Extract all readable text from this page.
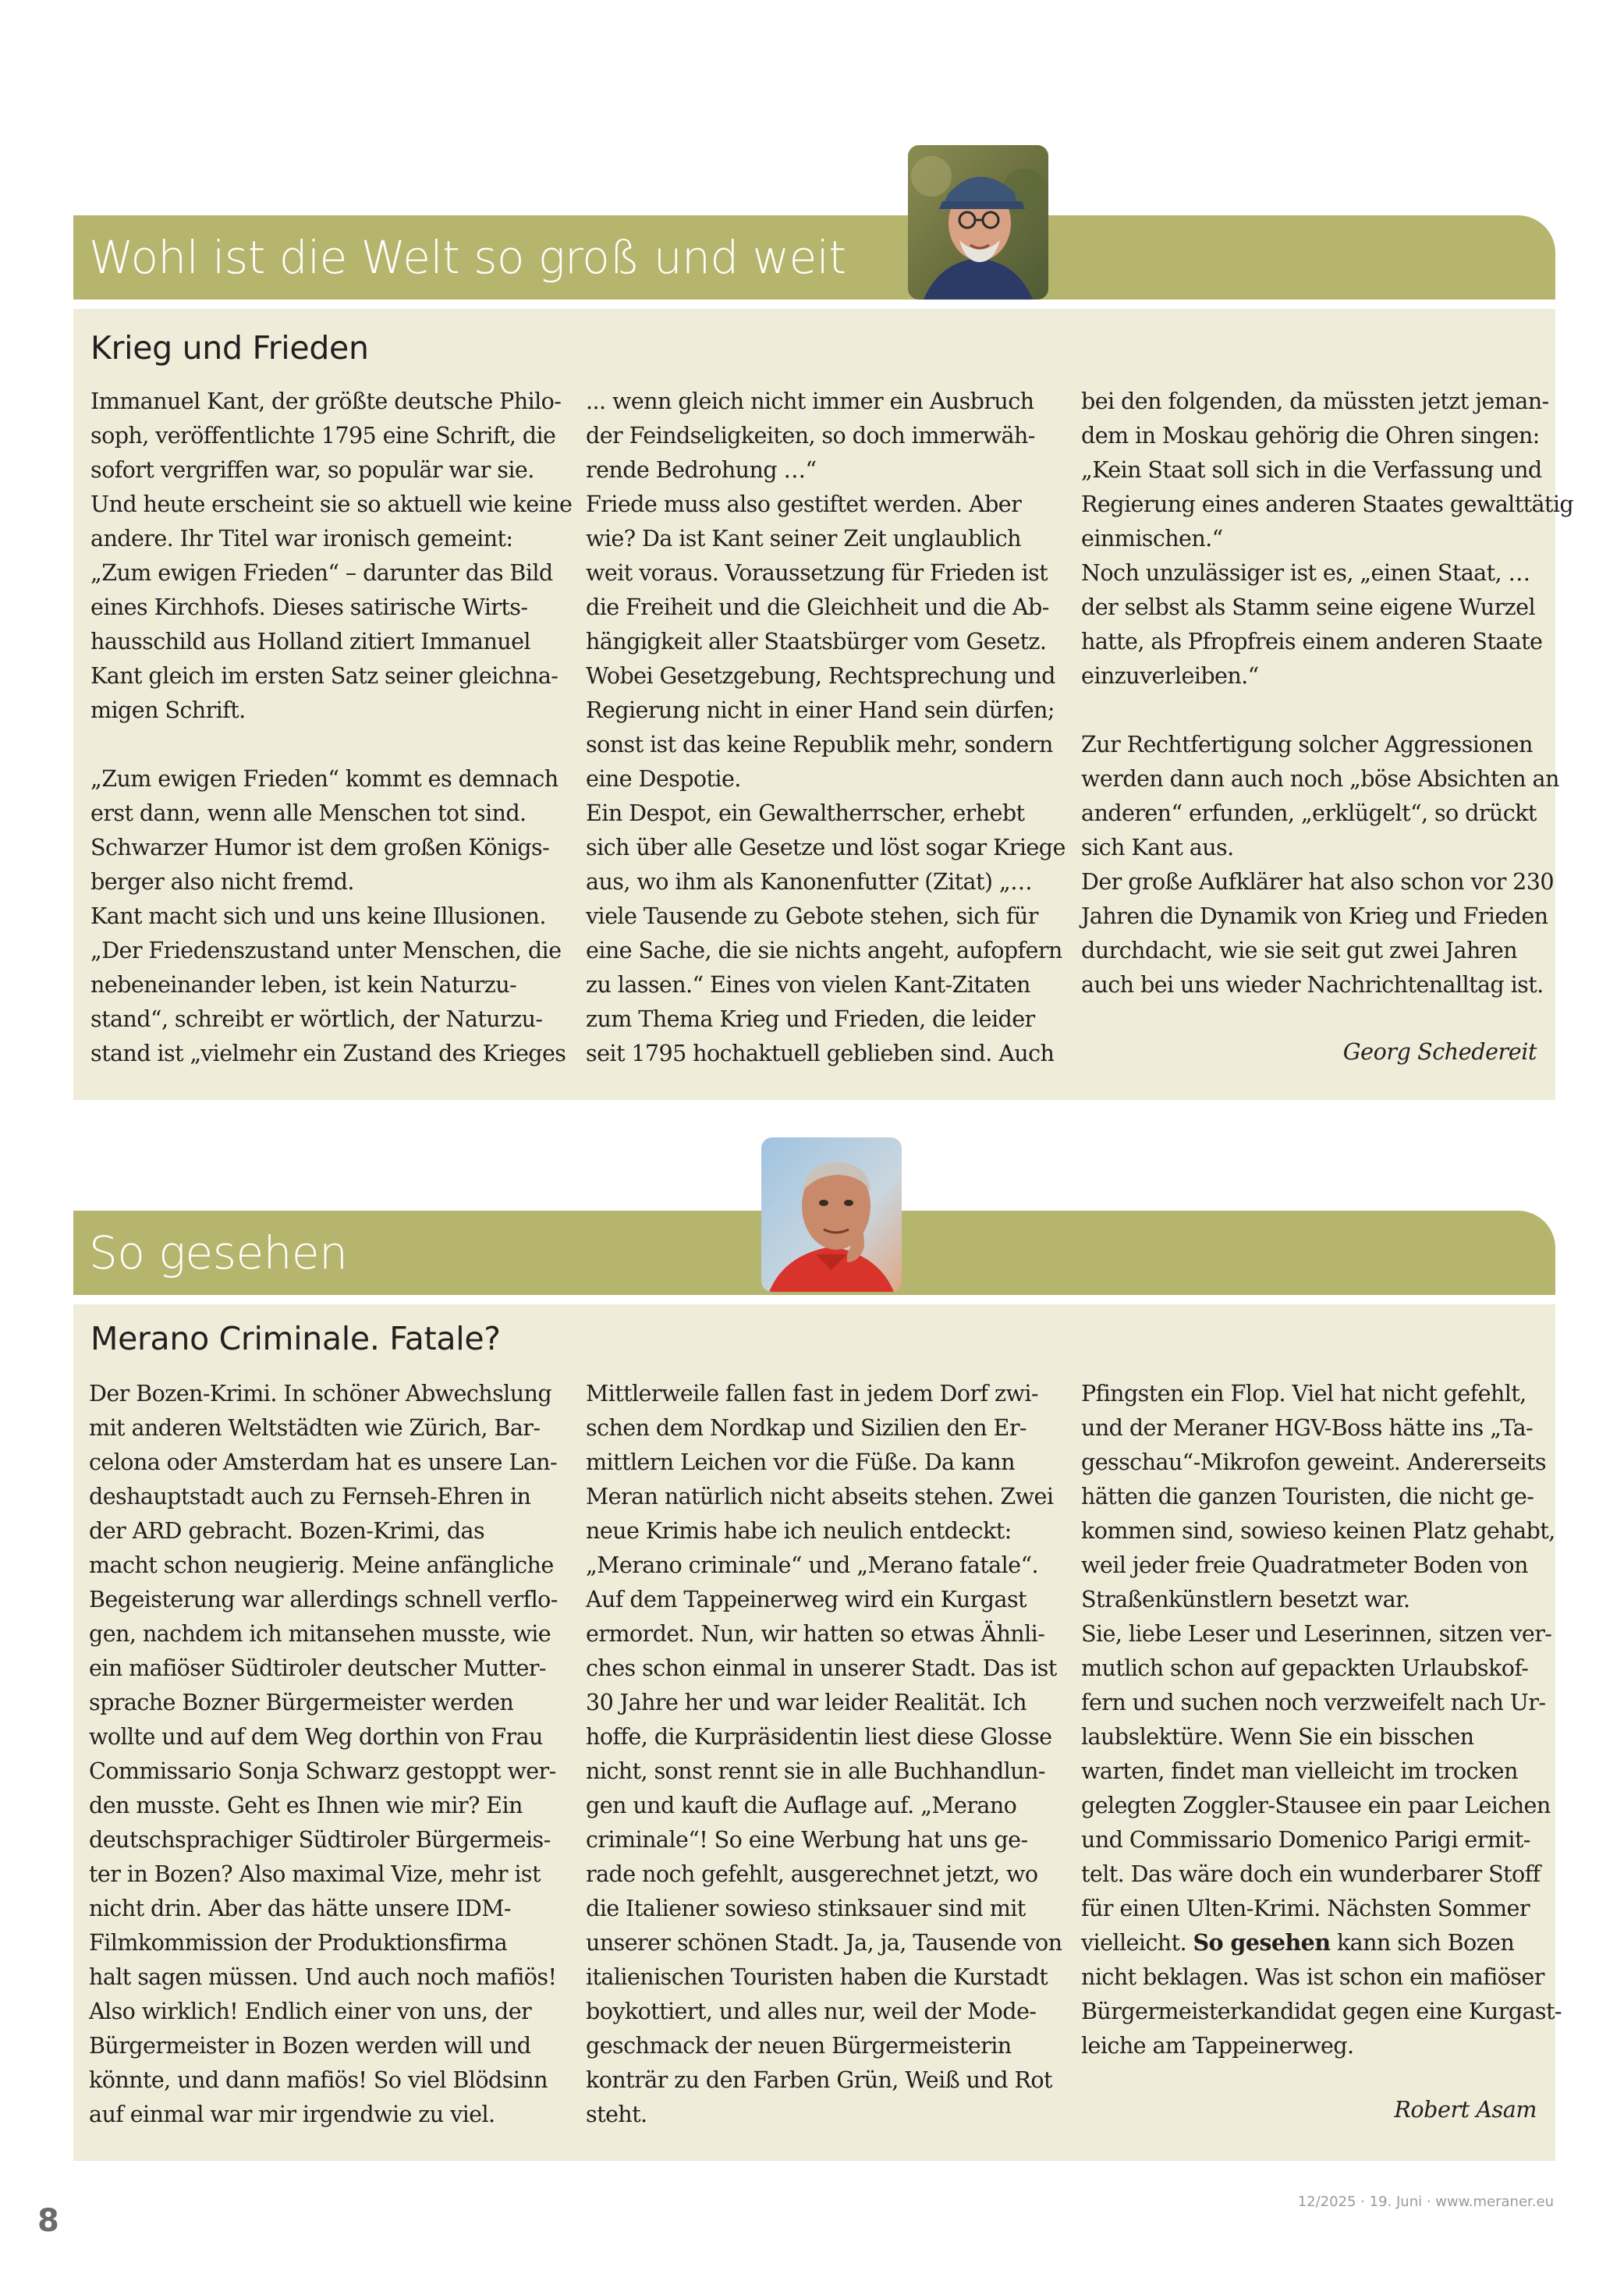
Wohl ist die Welt so groß und weit
Krieg und Frieden

Immanuel Kant, der größte deutsche Philo-

soph, veröffentlichte 1795 eine Schrift, die

sofort vergriffen war, so populär war sie.

Und heute erscheint sie so aktuell wie keine

andere. Ihr Titel war ironisch gemeint:

„Zum ewigen Frieden“ – darunter das Bild

eines Kirchhofs. Dieses satirische Wirts-

hausschild aus Holland zitiert Immanuel

Kant gleich im ersten Satz seiner gleichna-

migen Schrift.

„Zum ewigen Frieden“ kommt es demnach

erst dann, wenn alle Menschen tot sind.

Schwarzer Humor ist dem großen Königs-

berger also nicht fremd.

Kant macht sich und uns keine Illusionen.

„Der Friedenszustand unter Menschen, die

nebeneinander leben, ist kein Naturzu-

stand“, schreibt er wörtlich, der Naturzu-

stand ist „vielmehr ein Zustand des Krieges

... wenn gleich nicht immer ein Ausbruch

der Feindseligkeiten, so doch immerwäh-

rende Bedrohung …“

Friede muss also gestiftet werden. Aber

wie? Da ist Kant seiner Zeit unglaublich

weit voraus. Voraussetzung für Frieden ist

die Freiheit und die Gleichheit und die Ab-

hängigkeit aller Staatsbürger vom Gesetz.

Wobei Gesetzgebung, Rechtsprechung und

Regierung nicht in einer Hand sein dürfen;

sonst ist das keine Republik mehr, sondern

eine Despotie.

Ein Despot, ein Gewaltherrscher, erhebt

sich über alle Gesetze und löst sogar Kriege

aus, wo ihm als Kanonenfutter (Zitat) „…

viele Tausende zu Gebote stehen, sich für

eine Sache, die sie nichts angeht, aufopfern

zu lassen.“ Eines von vielen Kant-Zitaten

zum Thema Krieg und Frieden, die leider

seit 1795 hochaktuell geblieben sind. Auch

bei den folgenden, da müssten jetzt jeman-

dem in Moskau gehörig die Ohren singen:

„Kein Staat soll sich in die Verfassung und

Regierung eines anderen Staates gewalttätig

einmischen.“

Noch unzulässiger ist es, „einen Staat, …

der selbst als Stamm seine eigene Wurzel

hatte, als Pfropfreis einem anderen Staate

einzuverleiben.“

Zur Rechtfertigung solcher Aggressionen

werden dann auch noch „böse Absichten an

anderen“ erfunden, „erklügelt“, so drückt

sich Kant aus.

Der große Aufklärer hat also schon vor 230

Jahren die Dynamik von Krieg und Frieden

durchdacht, wie sie seit gut zwei Jahren

auch bei uns wieder Nachrichtenalltag ist.

Georg Schedereit

So gesehen
Merano Criminale. Fatale?

Der Bozen-Krimi. In schöner Abwechslung

mit anderen Weltstädten wie Zürich, Bar-

celona oder Amsterdam hat es unsere Lan-

deshauptstadt auch zu Fernseh-Ehren in

der ARD gebracht. Bozen-Krimi, das

macht schon neugierig. Meine anfängliche

Begeisterung war allerdings schnell verflo-

gen, nachdem ich mitansehen musste, wie

ein mafiöser Südtiroler deutscher Mutter-

sprache Bozner Bürgermeister werden

wollte und auf dem Weg dorthin von Frau

Commissario Sonja Schwarz gestoppt wer-

den musste. Geht es Ihnen wie mir? Ein

deutschsprachiger Südtiroler Bürgermeis-

ter in Bozen? Also maximal Vize, mehr ist

nicht drin. Aber das hätte unsere IDM-

Filmkommission der Produktionsfirma

halt sagen müssen. Und auch noch mafiös!

Also wirklich! Endlich einer von uns, der

Bürgermeister in Bozen werden will und

könnte, und dann mafiös! So viel Blödsinn

auf einmal war mir irgendwie zu viel.

Mittlerweile fallen fast in jedem Dorf zwi-

schen dem Nordkap und Sizilien den Er-

mittlern Leichen vor die Füße. Da kann

Meran natürlich nicht abseits stehen. Zwei

neue Krimis habe ich neulich entdeckt:

„Merano criminale“ und „Merano fatale“.

Auf dem Tappeinerweg wird ein Kurgast

ermordet. Nun, wir hatten so etwas Ähnli-

ches schon einmal in unserer Stadt. Das ist

30 Jahre her und war leider Realität. Ich

hoffe, die Kurpräsidentin liest diese Glosse

nicht, sonst rennt sie in alle Buchhandlun-

gen und kauft die Auflage auf. „Merano

criminale“! So eine Werbung hat uns ge-

rade noch gefehlt, ausgerechnet jetzt, wo

die Italiener sowieso stinksauer sind mit

unserer schönen Stadt. Ja, ja, Tausende von

italienischen Touristen haben die Kurstadt

boykottiert, und alles nur, weil der Mode-

geschmack der neuen Bürgermeisterin

konträr zu den Farben Grün, Weiß und Rot

steht.

Pfingsten ein Flop. Viel hat nicht gefehlt,

und der Meraner HGV-Boss hätte ins „Ta-

gesschau“-Mikrofon geweint. Andererseits

hätten die ganzen Touristen, die nicht ge-

kommen sind, sowieso keinen Platz gehabt,

weil jeder freie Quadratmeter Boden von

Straßenkünstlern besetzt war.

Sie, liebe Leser und Leserinnen, sitzen ver-

mutlich schon auf gepackten Urlaubskof-

fern und suchen noch verzweifelt nach Ur-

laubslektüre. Wenn Sie ein bisschen

warten, findet man vielleicht im trocken

gelegten Zoggler-Stausee ein paar Leichen

und Commissario Domenico Parigi ermit-

telt. Das wäre doch ein wunderbarer Stoff

für einen Ulten-Krimi. Nächsten Sommer

vielleicht. So gesehen kann sich Bozen

nicht beklagen. Was ist schon ein mafiöser

Bürgermeisterkandidat gegen eine Kurgast-

leiche am Tappeinerweg.

Robert Asam

8
12/2025 · 19. Juni · www.meraner.eu
